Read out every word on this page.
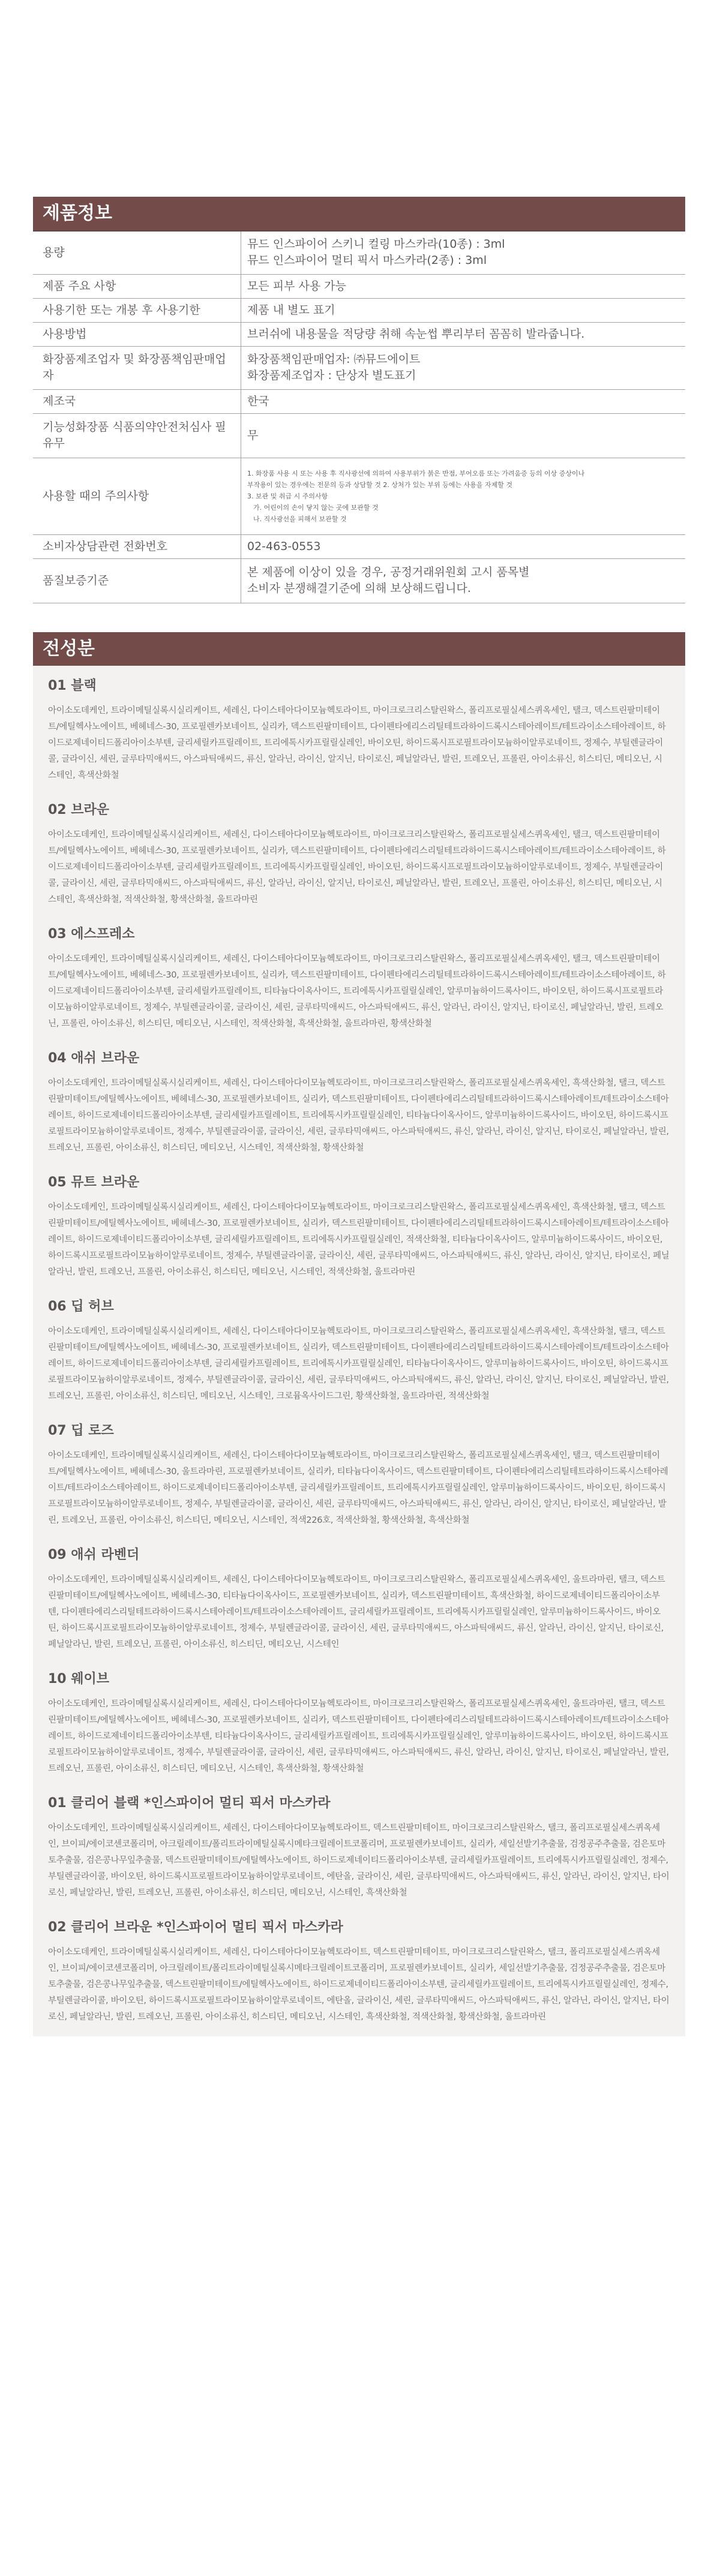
제품정보
용량	뮤드 인스파이어 스키니 컬링 마스카라(10종) : 3ml
뮤드 인스파이어 멀티 픽서 마스카라(2종) : 3ml

제품 주요 사항	모든 피부 사용 가능

사용기한 또는 개봉 후 사용기한	제품 내 별도 표기

사용방법	브러쉬에 내용물을 적당량 취해 속눈썹 뿌리부터 꼼꼼히 발라줍니다.

화장품제조업자 및 화장품책임판매업자	화장품책임판매업자: ㈜뮤드에이트
화장품제조업자 : 단상자 별도표기

제조국	한국

기능성화장품 식품의약안전처심사 필 유무	무

사용할 때의 주의사항	1. 화장품 사용 시 또는 사용 후 직사광선에 의하여 사용부위가 붉은 반점, 부어오름 또는 가려움증 등의 이상 증상이나
부작용이 있는 경우에는 전문의 등과 상담할 것 2. 상처가 있는 부위 등에는 사용을 자제할 것
3. 보관 및 취급 시 주의사항
가. 어린이의 손이 닿지 않는 곳에 보관할 것
나. 직사광선을 피해서 보관할 것

소비자상담관련 전화번호	02-463-0553

품질보증기준	본 제품에 이상이 있을 경우, 공정거래위원회 고시 품목별
소비자 분쟁해결기준에 의해 보상해드립니다.
전성분
01 블랙
아이소도데케인, 트라이메틸실록시실리케이트, 세레신, 다이스테아다이모늄헥토라이트, 마이크로크리스탈린왁스, 폴리프로필실세스퀴옥세인, 탤크, 덱스트린팔미테이트/에틸헥사노에이트, 베헤네스-30, 프로필렌카보네이트, 실리카, 덱스트린팔미테이트, 다이펜타에리스리틸테트라하이드록시스테아레이트/테트라이소스테아레이트, 하이드로제네이티드폴리아이소부텐, 글리세릴카프릴레이트, 트리에톡시카프릴릴실레인, 바이오틴, 하이드록시프로필트라이모늄하이알루로네이트, 정제수, 부틸렌글라이콜, 글라이신, 세린, 글루타믹애씨드, 아스파틱애씨드, 류신, 알라닌, 라이신, 알지닌, 타이로신, 페닐알라닌, 발린, 트레오닌, 프롤린, 아이소류신, 히스티딘, 메티오닌, 시스테인, 흑색산화철
02 브라운
아이소도데케인, 트라이메틸실록시실리케이트, 세레신, 다이스테아다이모늄헥토라이트, 마이크로크리스탈린왁스, 폴리프로필실세스퀴옥세인, 탤크, 덱스트린팔미테이트/에틸헥사노에이트, 베헤네스-30, 프로필렌카보네이트, 실리카, 덱스트린팔미테이트, 다이펜타에리스리틸테트라하이드록시스테아레이트/테트라이소스테아레이트, 하이드로제네이티드폴리아이소부텐, 글리세릴카프릴레이트, 트리에톡시카프릴릴실레인, 바이오틴, 하이드록시프로필트라이모늄하이알루로네이트, 정제수, 부틸렌글라이콜, 글라이신, 세린, 글루타믹애씨드, 아스파틱애씨드, 류신, 알라닌, 라이신, 알지닌, 타이로신, 페닐알라닌, 발린, 트레오닌, 프롤린, 아이소류신, 히스티딘, 메티오닌, 시스테인, 흑색산화철, 적색산화철, 황색산화철, 울트라마린
03 에스프레소
아이소도데케인, 트라이메틸실록시실리케이트, 세레신, 다이스테아다이모늄헥토라이트, 마이크로크리스탈린왁스, 폴리프로필실세스퀴옥세인, 탤크, 덱스트린팔미테이트/에틸헥사노에이트, 베헤네스-30, 프로필렌카보네이트, 실리카, 덱스트린팔미테이트, 다이펜타에리스리틸테트라하이드록시스테아레이트/테트라이소스테아레이트, 하이드로제네이티드폴리아이소부텐, 글리세릴카프릴레이트, 티타늄다이옥사이드, 트리에톡시카프릴릴실레인, 알루미늄하이드록사이드, 바이오틴, 하이드록시프로필트라이모늄하이알루로네이트, 정제수, 부틸렌글라이콜, 글라이신, 세린, 글루타믹애씨드, 아스파틱애씨드, 류신, 알라닌, 라이신, 알지닌, 타이로신, 페닐알라닌, 발린, 트레오닌, 프롤린, 아이소류신, 히스티딘, 메티오닌, 시스테인, 적색산화철, 흑색산화철, 울트라마린, 황색산화철
04 애쉬 브라운
아이소도데케인, 트라이메틸실록시실리케이트, 세레신, 다이스테아다이모늄헥토라이트, 마이크로크리스탈린왁스, 폴리프로필실세스퀴옥세인, 흑색산화철, 탤크, 덱스트린팔미테이트/에틸헥사노에이트, 베헤네스-30, 프로필렌카보네이트, 실리카, 덱스트린팔미테이트, 다이펜타에리스리틸테트라하이드록시스테아레이트/테트라이소스테아레이트, 하이드로제네이티드폴리아이소부텐, 글리세릴카프릴레이트, 트리에톡시카프릴릴실레인, 티타늄다이옥사이드, 알루미늄하이드록사이드, 바이오틴, 하이드록시프로필트라이모늄하이알루로네이트, 정제수, 부틸렌글라이콜, 글라이신, 세린, 글루타믹애씨드, 아스파틱애씨드, 류신, 알라닌, 라이신, 알지닌, 타이로신, 페닐알라닌, 발린, 트레오닌, 프롤린, 아이소류신, 히스티딘, 메티오닌, 시스테인, 적색산화철, 황색산화철
05 뮤트 브라운
아이소도데케인, 트라이메틸실록시실리케이트, 세레신, 다이스테아다이모늄헥토라이트, 마이크로크리스탈린왁스, 폴리프로필실세스퀴옥세인, 흑색산화철, 탤크, 덱스트린팔미테이트/에틸헥사노에이트, 베헤네스-30, 프로필렌카보네이트, 실리카, 덱스트린팔미테이트, 다이펜타에리스리틸테트라하이드록시스테아레이트/테트라이소스테아레이트, 하이드로제네이티드폴리아이소부텐, 글리세릴카프릴레이트, 트리에톡시카프릴릴실레인, 적색산화철, 티타늄다이옥사이드, 알루미늄하이드록사이드, 바이오틴, 하이드록시프로필트라이모늄하이알루로네이트, 정제수, 부틸렌글라이콜, 글라이신, 세린, 글루타믹애씨드, 아스파틱애씨드, 류신, 알라닌, 라이신, 알지닌, 타이로신, 페닐알라닌, 발린, 트레오닌, 프롤린, 아이소류신, 히스티딘, 메티오닌, 시스테인, 적색산화철, 울트라마린
06 딥 허브
아이소도데케인, 트라이메틸실록시실리케이트, 세레신, 다이스테아다이모늄헥토라이트, 마이크로크리스탈린왁스, 폴리프로필실세스퀴옥세인, 흑색산화철, 탤크, 덱스트린팔미테이트/에틸헥사노에이트, 베헤네스-30, 프로필렌카보네이트, 실리카, 덱스트린팔미테이트, 다이펜타에리스리틸테트라하이드록시스테아레이트/테트라이소스테아레이트, 하이드로제네이티드폴리아이소부텐, 글리세릴카프릴레이트, 트리에톡시카프릴릴실레인, 티타늄다이옥사이드, 알루미늄하이드록사이드, 바이오틴, 하이드록시프로필트라이모늄하이알루로네이트, 정제수, 부틸렌글라이콜, 글라이신, 세린, 글루타믹애씨드, 아스파틱애씨드, 류신, 알라닌, 라이신, 알지닌, 타이로신, 페닐알라닌, 발린, 트레오닌, 프롤린, 아이소류신, 히스티딘, 메티오닌, 시스테인, 크로뮴옥사이드그린, 황색산화철, 울트라마린, 적색산화철
07 딥 로즈
아이소도데케인, 트라이메틸실록시실리케이트, 세레신, 다이스테아다이모늄헥토라이트, 마이크로크리스탈린왁스, 폴리프로필실세스퀴옥세인, 탤크, 덱스트린팔미테이트/에틸헥사노에이트, 베헤네스-30, 울트라마린, 프로필렌카보네이트, 실리카, 티타늄다이옥사이드, 덱스트린팔미테이트, 다이펜타에리스리틸테트라하이드록시스테아레이트/테트라이소스테아레이트, 하이드로제네이티드폴리아이소부텐, 글리세릴카프릴레이트, 트리에톡시카프릴릴실레인, 알루미늄하이드록사이드, 바이오틴, 하이드록시프로필트라이모늄하이알루로네이트, 정제수, 부틸렌글라이콜, 글라이신, 세린, 글루타믹애씨드, 아스파틱애씨드, 류신, 알라닌, 라이신, 알지닌, 타이로신, 페닐알라닌, 발린, 트레오닌, 프롤린, 아이소류신, 히스티딘, 메티오닌, 시스테인, 적색226호, 적색산화철, 황색산화철, 흑색산화철
09 애쉬 라벤더
아이소도데케인, 트라이메틸실록시실리케이트, 세레신, 다이스테아다이모늄헥토라이트, 마이크로크리스탈린왁스, 폴리프로필실세스퀴옥세인, 울트라마린, 탤크, 덱스트린팔미테이트/에틸헥사노에이트, 베헤네스-30, 티타늄다이옥사이드, 프로필렌카보네이트, 실리카, 덱스트린팔미테이트, 흑색산화철, 하이드로제네이티드폴리아이소부텐, 다이펜타에리스리틸테트라하이드록시스테아레이트/테트라이소스테아레이트, 글리세릴카프릴레이트, 트리에톡시카프릴릴실레인, 알루미늄하이드록사이드, 바이오틴, 하이드록시프로필트라이모늄하이알루로네이트, 정제수, 부틸렌글라이콜, 글라이신, 세린, 글루타믹애씨드, 아스파틱애씨드, 류신, 알라닌, 라이신, 알지닌, 타이로신, 페닐알라닌, 발린, 트레오닌, 프롤린, 아이소류신, 히스티딘, 메티오닌, 시스테인
10 웨이브
아이소도데케인, 트라이메틸실록시실리케이트, 세레신, 다이스테아다이모늄헥토라이트, 마이크로크리스탈린왁스, 폴리프로필실세스퀴옥세인, 울트라마린, 탤크, 덱스트린팔미테이트/에틸헥사노에이트, 베헤네스-30, 프로필렌카보네이트, 실리카, 덱스트린팔미테이트, 다이펜타에리스리틸테트라하이드록시스테아레이트/테트라이소스테아레이트, 하이드로제네이티드폴리아이소부텐, 티타늄다이옥사이드, 글리세릴카프릴레이트, 트리에톡시카프릴릴실레인, 알루미늄하이드록사이드, 바이오틴, 하이드록시프로필트라이모늄하이알루로네이트, 정제수, 부틸렌글라이콜, 글라이신, 세린, 글루타믹애씨드, 아스파틱애씨드, 류신, 알라닌, 라이신, 알지닌, 타이로신, 페닐알라닌, 발린, 트레오닌, 프롤린, 아이소류신, 히스티딘, 메티오닌, 시스테인, 흑색산화철, 황색산화철
01 클리어 블랙 *인스파이어 멀티 픽서 마스카라
아이소도데케인, 트라이메틸실록시실리케이트, 세레신, 다이스테아다이모늄헥토라이트, 덱스트린팔미테이트, 마이크로크리스탈린왁스, 탤크, 폴리프로필실세스퀴옥세인, 브이피/에이코센코폴리머, 아크릴레이트/폴리트라이메틸실록시메타크릴레이트코폴리머, 프로필렌카보네이트, 실리카, 세일선발기추출물, 검정공주추출물, 검은토마토추출물, 검은콩나무잎추출물, 덱스트린팔미테이트/에틸헥사노에이트, 하이드로제네이티드폴리아이소부텐, 글리세릴카프릴레이트, 트리에톡시카프릴릴실레인, 정제수, 부틸렌글라이콜, 바이오틴, 하이드록시프로필트라이모늄하이알루로네이트, 에탄올, 글라이신, 세린, 글루타믹애씨드, 아스파틱애씨드, 류신, 알라닌, 라이신, 알지닌, 타이로신, 페닐알라닌, 발린, 트레오닌, 프롤린, 아이소류신, 히스티딘, 메티오닌, 시스테인, 흑색산화철
02 클리어 브라운 *인스파이어 멀티 픽서 마스카라
아이소도데케인, 트라이메틸실록시실리케이트, 세레신, 다이스테아다이모늄헥토라이트, 덱스트린팔미테이트, 마이크로크리스탈린왁스, 탤크, 폴리프로필실세스퀴옥세인, 브이피/에이코센코폴리머, 아크릴레이트/폴리트라이메틸실록시메타크릴레이트코폴리머, 프로필렌카보네이트, 실리카, 세일선발기추출물, 검정공주추출물, 검은토마토추출물, 검은콩나무잎추출물, 덱스트린팔미테이트/에틸헥사노에이트, 하이드로제네이티드폴리아이소부텐, 글리세릴카프릴레이트, 트리에톡시카프릴릴실레인, 정제수, 부틸렌글라이콜, 바이오틴, 하이드록시프로필트라이모늄하이알루로네이트, 에탄올, 글라이신, 세린, 글루타믹애씨드, 아스파틱애씨드, 류신, 알라닌, 라이신, 알지닌, 타이로신, 페닐알라닌, 발린, 트레오닌, 프롤린, 아이소류신, 히스티딘, 메티오닌, 시스테인, 흑색산화철, 적색산화철, 황색산화철, 울트라마린
